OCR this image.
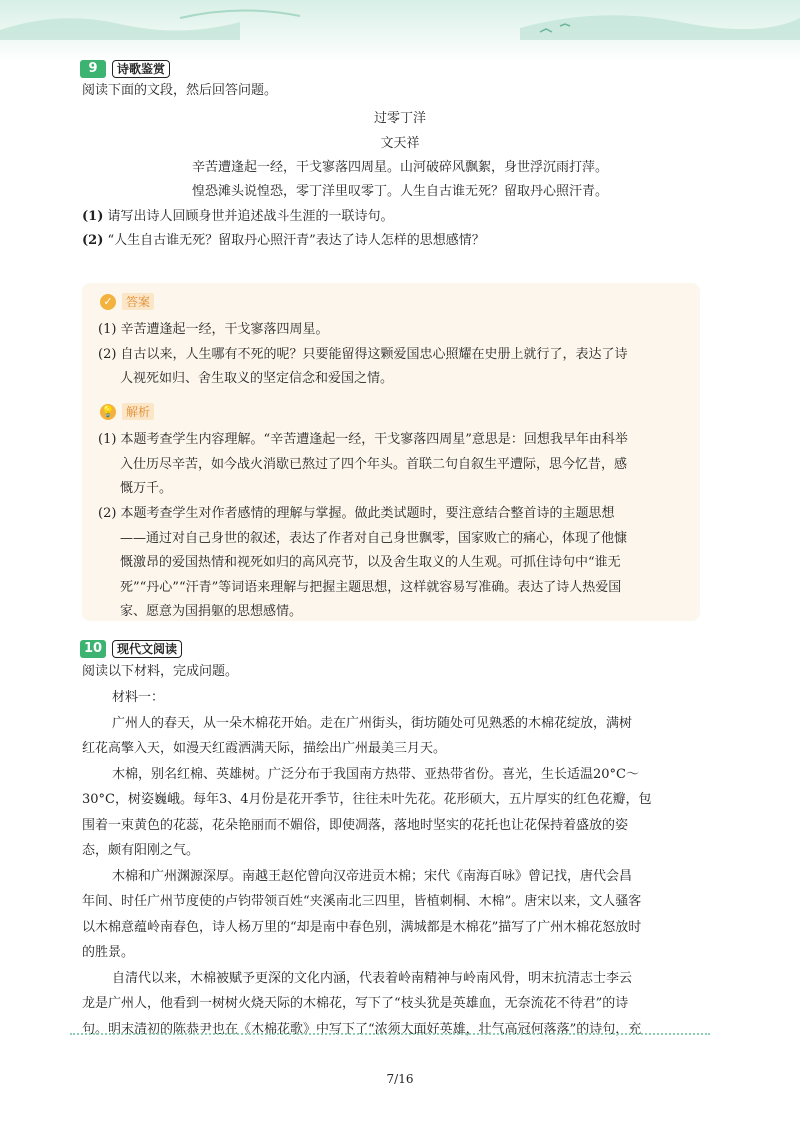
9	诗歌鉴赏
阅读下面的文段，然后回答问题。
过零丁洋
文天祥
辛苦遭逢起一经，干戈寥落四周星。山河破碎风飘絮，身世浮沉雨打萍。
惶恐滩头说惶恐，零丁洋里叹零丁。人生自古谁无死？留取丹心照汗青。
(1) 请写出诗人回顾身世并追述战斗生涯的一联诗句。
(2) “人生自古谁无死？留取丹心照汗青”表达了诗人怎样的思想感情？
✓	答案
(1) 辛苦遭逢起一经，干戈寥落四周星。
(2) 自古以来，人生哪有不死的呢？只要能留得这颗爱国忠心照耀在史册上就行了，表达了诗
人视死如归、舍生取义的坚定信念和爱国之情。
💡 解析
(1) 本题考查学生内容理解。“辛苦遭逢起一经，干戈寥落四周星”意思是：回想我早年由科举
入仕历尽辛苦，如今战火消歇已熬过了四个年头。首联二句自叙生平遭际，思今忆昔，感
慨万千。
(2) 本题考查学生对作者感情的理解与掌握。做此类试题时，要注意结合整首诗的主题思想
——通过对自己身世的叙述，表达了作者对自己身世飘零，国家败亡的痛心，体现了他慷
慨激昂的爱国热情和视死如归的高风亮节，以及舍生取义的人生观。可抓住诗句中“谁无
死”“丹心”“汗青”等词语来理解与把握主题思想，这样就容易写准确。表达了诗人热爱国
家、愿意为国捐躯的思想感情。
10	现代文阅读
阅读以下材料，完成问题。
材料一：
广州人的春天，从一朵木棉花开始。走在广州街头，街坊随处可见熟悉的木棉花绽放，满树
红花高擎入天，如漫天红霞洒满天际，描绘出广州最美三月天。
木棉，别名红棉、英雄树。广泛分布于我国南方热带、亚热带省份。喜光，生长适温20°C～
30°C，树姿巍峨。每年3、4月份是花开季节，往往未叶先花。花形硕大，五片厚实的红色花瓣，包
围着一束黄色的花蕊，花朵艳丽而不媚俗，即使凋落，落地时坚实的花托也让花保持着盛放的姿
态，颇有阳刚之气。
木棉和广州渊源深厚。南越王赵佗曾向汉帝进贡木棉；宋代《南海百咏》曾记找，唐代会昌
年间、时任广州节度使的卢钧带领百姓“夹溪南北三四里，皆植刺桐、木棉”。唐宋以来，文人骚客
以木棉意蕴岭南春色，诗人杨万里的“却是南中春色别，满城都是木棉花”描写了广州木棉花怒放时
的胜景。
自清代以来，木棉被赋予更深的文化内涵，代表着岭南精神与岭南风骨，明末抗清志士李云
龙是广州人，他看到一树树火烧天际的木棉花，写下了“枝头犹是英雄血，无奈流花不待君”的诗
句。明末清初的陈恭尹也在《木棉花歌》中写下了“浓须大面好英雄，壮气高冠何落落”的诗句，充
7/16
